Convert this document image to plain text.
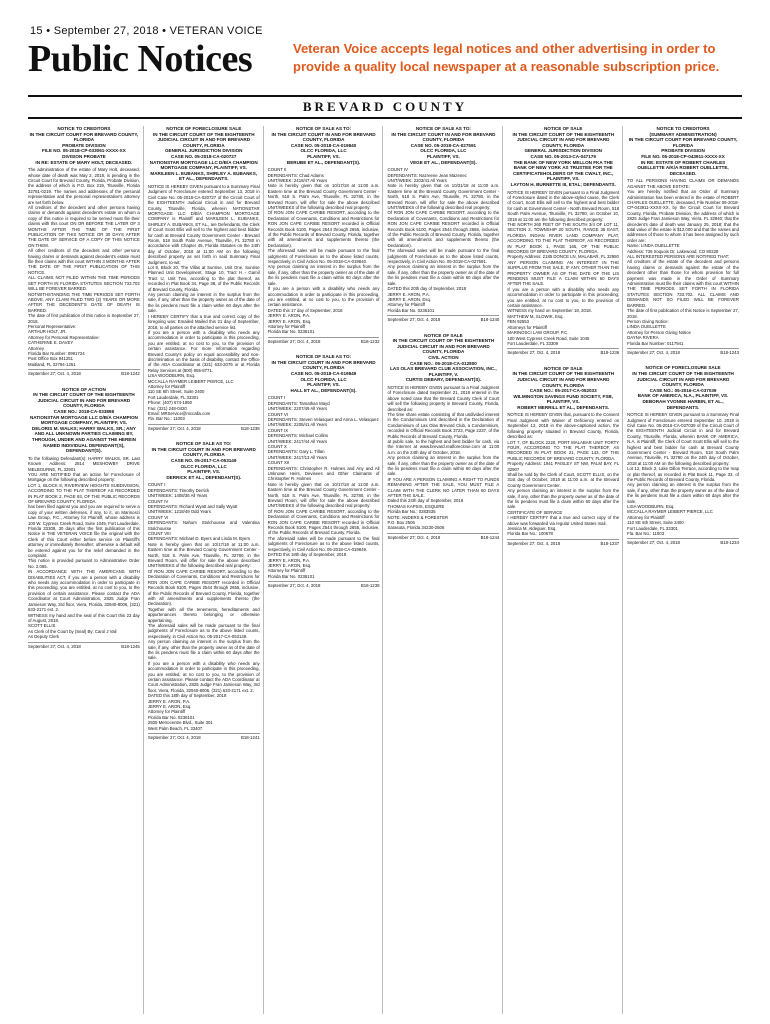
15 • September 27, 2018 • VETERAN VOICE
Public Notices	Veteran Voice accepts legal notices and other advertising in order to provide a quality local newspaper at a reasonable subscription price.
BREVARD COUNTY
NOTICE TO CREDITORS
IN THE CIRCUIT COURT FOR BREVARD COUNTY, FLORIDA
PROBATE DIVISION
FILE NO. 05-2018-CP-033061-XXXX-XX
DIVISION PROBATE
IN RE: ESTATE OF MARY HOLT, DECEASED.
The administration of the estate of Mary Holt, deceased, whose date of death was May 2, 2018, is pending in the Circuit Court for Brevard County, Florida, Probate Division, the address of which is P.O. Box 219, Titusville, Florida 32781-0219. The names and addresses of the personal representative and the personal representative's attorney are set forth below.
All creditors of the decedent and other persons having claims or demands against decedent's estate on whom a copy of this notice is required to be served must file their claims with this court ON OR BEFORE THE LATER OF 3 MONTHS AFTER THE TIME OF THE FIRST PUBLICATION OF THIS NOTICE OR 30 DAYS AFTER THE DATE OF SERVICE OF A COPY OF THIS NOTICE ON THEM.
All other creditors of the decedent and other persons having claims or demands against decedent's estate must file their claims with this court WITHIN 3 MONTHS AFTER THE DATE OF THE FIRST PUBLICATION OF THIS NOTICE.
ALL CLAIMS NOT FILED WITHIN THE TIME PERIODS SET FORTH IN FLORIDA STATUTES SECTION 733.702 WILL BE FOREVER BARRED.
NOTWITHSTANDING THE TIME PERIODS SET FORTH ABOVE, ANY CLAIM FILED TWO (2) YEARS OR MORE AFTER THE DECEDENT'S DATE OF DEATH IS BARRED.
The date of first publication of this notice is September 27, 2018.
Personal Representative:
ARTHUR HOLT, JR.
Attorney for Personal Representative:
CATHERINE E. DAVEY
Attorney
Florida Bar Number: 0991724
Post Office Box 941251
Maitland, FL 32794-1251
September 27; Oct. 4, 2018	B18-1242
NOTICE OF ACTION
IN THE CIRCUIT COURT OF THE EIGHTEENTH JUDICIAL CIRCUIT IN AND FOR BREVARD COUNTY, FLORIDA
CASE NO.: 2018-CA-033898
NATIONSTAR MORTGAGE LLC D/B/A CHAMPION MORTGAGE COMPANY, PLAINTIFF, VS.
DELORIS M. WALKS; HARRY WALKS, SR.; ANY AND ALL UNKNOWN PARTIES CLAIMING BY, THROUGH, UNDER AND AGAINST THE HEREIN NAMED INDIVIDUAL DEFENDANT(S), DEFENDANT(S).
To the following Defendant(s): HARRY WALKS, SR. Last Known Address: 2814 MESHOWBY DRIVE MELBOURNE, FL 32901
YOU ARE NOTIFIED that an action for Foreclosure of Mortgage on the following described property:
LOT 1, BLOCK 8, RIVERVIEW HEIGHTS SUBDIVISION, ACCORDING TO THE PLAT THEREOF AS RECORDED IN PLAT BOOK 2, PAGE 93, OF THE PUBLIC RECORDS OF BREVARD COUNTY, FLORIDA.
has been filed against you and you are required to serve a copy of your written defenses, if any, to it, on Marinosci Law Group, P.C., Attorney for Plaintiff, whose address is 100 W. Cypress Creek Road, Suite 1045, Fort Lauderdale, Florida 33309, 30 days after the first publication of this Notice in THE VETERAN VOICE file the original with the Clerk of this Court either before service on Plaintiff's attorney or immediately thereafter; otherwise a default will be entered against you for the relief demanded in the complaint.
This notice is provided pursuant to Administrative Order No. 2.065.
IN ACCORDANCE WITH THE AMERICANS WITH DISABILITIES ACT, if you are a person with a disability who needs any accommodation in order to participate in this proceeding, you are entitled, at no cost to you, to the provision of certain assistance. Please contact the ADA Coordinator at Court Administration, 2825 Judge Fran Jamieson Way, 3rd floor, Viera, Florida, 32940-8006, (321) 633-2171 ext. 2.
WITNESS my hand and the seal of this Court this 23 day of August, 2018.
SCOTT ELLIS
As Clerk of the Court by (Seal) By: Carol J Vail
As Deputy Clerk
September 27; Oct. 4, 2018	B18-1245
NOTICE OF FORECLOSURE SALE
IN THE CIRCUIT COURT OF THE EIGHTEENTH JUDICIAL CIRCUIT IN AND FOR BREVARD COUNTY, FLORIDA
GENERAL JURISDICTION DIVISION
CASE NO. 05-2018-CA-020727
NATIONSTAR MORTGAGE LLC D/B/A CHAMPION MORTGAGE COMPANY, PLAINTIFF, VS.
MARILEEN L. EUBANKS, SHIRLEY A. EUBANKS, ET AL., DEFENDANTS.
NOTICE IS HEREBY GIVEN pursuant to a Summary Final Judgment of Foreclosure entered September 13, 2018 in Civil Case No. 05-2018-CA-020727 of the Circuit Court of the EIGHTEENTH Judicial Circuit in and for Brevard County, Titusville, Florida, wherein NATIONSTAR MORTGAGE LLC D/B/A CHAMPION MORTGAGE COMPANY is Plaintiff and MARILEEN L. EUBANKS, SHIRLEY A. EUBANKS, ET AL., are Defendants, the Clerk of Court Scott Ellis will sell to the highest and best bidder for cash at Brevard County Government Center - Brevard Room, 518 South Palm Avenue, Titusville, FL 32780 in accordance with Chapter 45, Florida Statutes on the 24th day of October, 2018 at 11:00 AM on the following described property as set forth in said Summary Final Judgment, to-wit:
Lot 8, Block 20, The Villas at Sunrise, Unit One, Sunrise Planned Unit Development, Stage 10, Tract H - Gamil Tract U, Unit Two, according to the plat thereof, as recorded in Plat Book 34, Page 38, of the Public Records of Brevard County, Florida.
Any person claiming an interest in the surplus from the sale, if any, other than the property owner as of the date of the lis pendens must file a claim within 60 days after the sale.
I HEREBY CERTIFY that a true and correct copy of the foregoing was: Emailed Mailed this 21 day of September, 2018, to all parties on the attached service list.
If you are a person with a disability who needs any accommodation in order to participate in this proceeding, you are entitled, at no cost to you, to the provision of certain assistance. For more information regarding Brevard County's policy on equal accessibility and non-discrimination on the basis of disability, contact the Office of the ADA Coordinator at (321) 633-2076 or at Florida Relay Services at (800) 955-8771.
LISA WOODBURN, Esq.
MCCALLA RAYMER LEIBERT PIERCE, LLC
Attorney for Plaintiff
110 SE 6th Street, Suite 2400
Fort Lauderdale, FL 33301
Phone: (407) 674-1850
Fax: (321) 248-0420
Email: MRService@mccalla.com
Fla. Bar No.: 11003
September 27; Oct. 4, 2018	B18-1238
NOTICE OF SALE AS TO:
IN THE CIRCUIT COURT IN AND FOR BREVARD COUNTY, FLORIDA
CASE NO. 05-2017-CA-053149
OLCC FLORIDA, LLC
PLAINTIFF, VS.
DERRICK ET AL., DEFENDANT(S).
COUNT I
DEFENDANTS: Timothy Derrick
UNIT/WEEK: 1408/36 All Years
COUNT IV
DEFENDANTS: Richard Wyatt and Sally Wyatt
UNIT/WEEK: 1218/49 Odd Years
COUNT VI
DEFENDANTS: Nahum Stolchousse and Valentina Stolchousse
COUNT VIII
DEFENDANTS: Michael D. Byers and Linda M. Byers
Note is hereby given that on 10/17/18 at 11:00 a.m. Eastern time at the Brevard County Government Center - North, 518 S. Palm Ave, Titusville, FL 32780, in the Brevard Room, will offer for sale the above described UNIT/WEEKS of the following described real property:
Of RON JON CAPE CARIBE RESORT, according to the Declaration of Covenants, Conditions and Restrictions for RON JON CAPE CARIBE RESORT recorded in Official Records Book 5100, Pages 2544 through 2655, inclusive, of the Public Records of Brevard County, Florida, together with all amendments and supplements thereto (the Declaration).
Together with all the tenements, hereditaments and appurtenances thereto belonging or otherwise appertaining.
The aforesaid sales will be made pursuant to the final judgments of Foreclosure as to the above listed counts, respectively, in Civil Action No. 05-2017-CA-053149.
Any person claiming an interest in the surplus from the sale, if any, other than the property owner as of the date of the lis pendens must file a claim within 60 days after the sale.
If you are a person with a disability who needs any accommodation in order to participate in this proceeding, you are entitled, at no cost to you, to the provision of certain assistance. Please contact the ADA Coordinator at Court Administration, 2825 Judge Fran Jamieson Way, 3rd floor, Viera, Florida, 32940-8006, (321) 633-2171 ext. 2.
DATED this 18th day of September, 2018
JERRY E. ARON, P.A.
JERRY E. ARON, Esq.
Attorney for Plaintiff
Florida Bar No. 0236101
2505 Metrocentre Blvd., Suite 301
West Palm Beach, FL 33407
September 27; Oct. 4, 2018	B18-1241
NOTICE OF SALE AS TO:
IN THE CIRCUIT COURT IN AND FOR BREVARD COUNTY, FLORIDA
CASE NO. 05-2018-CA-019840
OLCC FLORIDA, LLC
PLAINTIFF, VS.
BERUBE ET AL., DEFENDANT(S).
COUNT II
DEFENDANTS: Chad Adams
UNIT/WEEK: 2418/47 All Years
Note is hereby given that on 10/17/18 at 11:00 a.m. Eastern time at the Brevard County Government Center - North, 518 S. Palm Ave, Titusville, FL 32780, in the Brevard Room, will offer for sale the above described UNIT/WEEKS of the following described real property:
Of RON JON CAPE CARIBE RESORT, according to the Declaration of Covenants, Conditions and Restrictions for RON JON CAPE CARIBE RESORT recorded in Official Records Book 5100, Pages 2544 through 2655, inclusive, of the Public Records of Brevard County, Florida, together with all amendments and supplements thereto (the Declaration).
The aforesaid sales will be made pursuant to the final judgments of Foreclosure as to the above listed counts, respectively, in Civil Action No. 05-2018-CA-019840.
Any person claiming an interest in the surplus from the sale, if any, other than the property owner as of the date of the lis pendens must file a claim within 60 days after the sale.
If you are a person with a disability who needs any accommodation in order to participate in this proceeding, you are entitled, at no cost to you, to the provision of certain assistance.
DATED this 17 day of September, 2018
JERRY E. ARON, P.A.
JERRY E. ARON, Esq.
Attorney for Plaintiff
Florida Bar No. 0236101
September 27; Oct. 4, 2018	B18-1232
NOTICE OF SALE AS TO:
IN THE CIRCUIT COURT IN AND FOR BREVARD COUNTY, FLORIDA
CASE NO. 05-2018-CA-019849
OLCC FLORIDA, LLC
PLAINTIFF, VS.
HALL ET AL., DEFENDANT(S).
COUNT I
DEFENDANTS: Tamathan Mayd
UNIT/WEEK: 2207/49 All Years
COUNT VI
DEFENDANTS: Steven Velasquez and Anna L. Velasquez
UNIT/WEEK: 2205/41 All Years
COUNT IX
DEFENDANTS: Michael Collins
UNIT/WEEK: 2417/44 All Years
COUNT X
DEFENDANTS: Gary L. Tillan
UNIT/WEEK: 2417/13 All Years
COUNT XII
DEFENDANTS: Christopher R. Holmes and Any and All Unknown Heirs, Devisees and Other Claimants of Christopher R. Holmes
Note is hereby given that on 10/17/18 at 11:00 a.m. Eastern time at the Brevard County Government Center - North, 518 S. Palm Ave, Titusville, FL 32780, in the Brevard Room, will offer for sale the above described UNIT/WEEKS of the following described real property:
Of RON JON CAPE CARIBE RESORT, according to the Declaration of Covenants, Conditions and Restrictions for RON JON CAPE CARIBE RESORT recorded in Official Records Book 5100, Pages 2544 through 2655, inclusive, of the Public Records of Brevard County, Florida.
The aforesaid sales will be made pursuant to the final judgments of Foreclosure as to the above listed counts, respectively, in Civil Action No. 05-2018-CA-019849.
DATED this 18th day of September, 2018
JERRY E. ARON, P.A.
JERRY E. ARON, Esq.
Attorney for Plaintiff
Florida Bar No. 0236101
September 27; Oct. 4, 2018	B18-1239
NOTICE OF SALE AS TO:
IN THE CIRCUIT COURT IN AND FOR BREVARD COUNTY, FLORIDA
CASE NO. 05-2018-CA-027591
OLCC FLORIDA, LLC
PLAINTIFF, VS.
VEGE ET AL., DEFENDANT(S).
COUNT IV
DEFENDANTS: Nazreene Jean Mazenec
UNIT/WEEK: 2203/41 All Years
Note is hereby given that on 10/31/18 at 11:00 a.m. Eastern time at the Brevard County Government Center - North, 518 S. Palm Ave, Titusville, FL 32780, in the Brevard Room, will offer for sale the above described UNIT/WEEKS of the following described real property:
Of RON JON CAPE CARIBE RESORT, according to the Declaration of Covenants, Conditions and Restrictions for RON JON CAPE CARIBE RESORT recorded in Official Records Book 5100, Pages 2544 through 2655, inclusive, of the Public Records of Brevard County, Florida, together with all amendments and supplements thereto (the Declaration).
The aforesaid sales will be made pursuant to the final judgments of Foreclosure as to the above listed counts, respectively, in Civil Action No. 05-2018-CA-027591.
Any person claiming an interest in the surplus from the sale, if any, other than the property owner as of the date of the lis pendens must file a claim within 60 days after the sale.
DATED this 20th day of September, 2018
JERRY E. ARON, P.A.
JERRY E. ARON, Esq.
Attorney for Plaintiff
Florida Bar No. 0236101
September 27; Oct. 4, 2018	B18-1240
NOTICE OF SALE
IN THE CIRCUIT COURT OF THE EIGHTEENTH JUDICIAL CIRCUIT IN AND FOR BREVARD COUNTY, FLORIDA
CIVIL ACTION
CASE NO.: 05-2018-CA-012800
LAS OLAS BREVARD CLUB ASSOCIATION, INC., PLAINTIFF, V.
CURTIS DEBARY, DEFENDANT(S).
NOTICE IS HEREBY GIVEN pursuant to a Final Judgment of Foreclosure dated September 21, 2018 entered in the above noted case that the Brevard County Clerk of Court will sell the following property in Brevard County, Florida, described as:
The time share estate consisting of that undivided interest in the Condominium Unit described in the Declaration of Condominium of Las Olas Brevard Club, a Condominium, recorded in Official Records Book 3723, Page 2237, of the Public Records of Brevard County, Florida.
at public sale, to the highest and best bidder for cash, via the Internet at www.brevard.realforeclose.com at 11:00 a.m. on the 24th day of October, 2018.
Any person claiming an interest in the surplus from the sale, if any, other than the property owner as of the date of the lis pendens must file a claim within 60 days after the sale.
IF YOU ARE A PERSON CLAIMING A RIGHT TO FUNDS REMAINING AFTER THE SALE, YOU MUST FILE A CLAIM WITH THE CLERK NO LATER THAN 60 DAYS AFTER THE SALE.
Dated this 24th day of September, 2018
THOMAS KAPSIS, ESQUIRE
Florida Bar No.: 0283535
NOTE: ANDERS & FORESTER
P.O. Box 2506
Sarasota, Florida 34230-2506
September 27; Oct. 4, 2018	B18-1244
NOTICE OF SALE
IN THE CIRCUIT COURT OF THE EIGHTEENTH JUDICIAL CIRCUIT IN AND FOR BREVARD COUNTY, FLORIDA
GENERAL JURISDICTION DIVISION
CASE NO. 05-2013-CA-047179
THE BANK OF NEW YORK MELLON FKA THE BANK OF NEW YORK AS TRUSTEE FOR THE CERTIFICATEHOLDERS OF THE CWALT, INC., PLAINTIFF, VS.
LAYTON H. BURNETTE III, ETAL; DEFENDANTS.
NOTICE IS HEREBY GIVEN pursuant to a Final Judgment of Foreclosure dated in the above-styled cause, the Clerk of Court, Scott Ellis will sell to the highest and best bidder for cash at Government Center - North Brevard Room, 518 South Palm Avenue, Titusville, FL 32780, on October 10, 2018 at 11:00 am the following described property:
THE NORTH 260 FEET OF THE SOUTH 3/4 OF LOT 11, SECTION 2, TOWNSHIP 20 SOUTH, RANGE 35 EAST, FLORIDA INDIAN RIVER LAND COMPANY PLAT, ACCORDING TO THE PLAT THEREOF, AS RECORDED IN PLAT BOOK 1, PAGE 165, OF THE PUBLIC RECORDS OF BREVARD COUNTY, FLORIDA.
Property Address: 2185 DONCE LN, MALABAR, FL 32950
ANY PERSON CLAIMING AN INTEREST IN THE SURPLUS FROM THE SALE, IF ANY, OTHER THAN THE PROPERTY OWNER AS OF THE DATE OF THE LIS PENDENS MUST FILE A CLAIM WITHIN 60 DAYS AFTER THE SALE.
If you are a person with a disability who needs any accommodation in order to participate in this proceeding, you are entitled, at no cost to you, to the provision of certain assistance.
WITNESS my hand on September 18, 2018.
MATTHEW M. SLOWIK, Esq.
FBN 92553
Attorneys for Plaintiff
MARINOSCI LAW GROUP, P.C.
100 West Cypress Creek Road, Suite 1045
Fort Lauderdale, FL 33309
September 27; Oct. 4, 2018	B18-1236
NOTICE OF SALE
IN THE CIRCUIT COURT OF THE EIGHTEENTH JUDICIAL CIRCUIT IN AND FOR BREVARD COUNTY, FLORIDA
CASE NO.: 05-2017-CA-052033
WILMINGTON SAVINGS FUND SOCIETY, FSB, PLAINTIFF, VS.
ROBERT MERRILL ET AL., DEFENDANTS.
NOTICE IS HEREBY GIVEN that, pursuant to the Consent Final Judgment with Waiver of Deficiency entered on September 12, 2018 in the above-captioned action, the following property situated in Brevard County, Florida, described as:
LOT 7, OF BLOCK 2220, PORT MALABAR UNIT FORTY FOUR, ACCORDING TO THE PLAT THEREOF, AS RECORDED IN PLAT BOOK 21, PAGE 143, OF THE PUBLIC RECORDS OF BREVARD COUNTY, FLORIDA.
Property Address: 1941 PAISLEY ST NW, PALM BAY, FL 32907
Shall be sold by the Clerk of Court, SCOTT ELLIS, on the 31st day of October, 2018 at 11:00 a.m. at the Brevard County Government Center.
Any person claiming an interest in the surplus from the sale, if any, other than the property owner as of the date of the lis pendens must file a claim within 60 days after the sale.
CERTIFICATE OF SERVICE
I HEREBY CERTIFY that a true and correct copy of the above was forwarded via regular United States mail.
Jessica M. Aldeguer, Esq.
Florida Bar No.: 100678
September 27; Oct. 4, 2018	B18-1237
NOTICE TO CREDITORS
(SUMMARY ADMINISTRATION)
IN THE CIRCUIT COURT FOR BREVARD COUNTY, FLORIDA
PROBATE DIVISION
FILE NO. 05-2018-CP-043911-XXXX-XX
IN RE: ESTATE OF ROBERT CHARLES OUELLETTE A/K/A ROBERT OUELLETTE, DECEASED.
TO ALL PERSONS HAVING CLAIMS OR DEMANDS AGAINST THE ABOVE ESTATE:
You are hereby notified that an Order of Summary Administration has been entered in the estate of ROBERT CHARLES OUELLETTE, deceased, File Number 05-2018-CP-043911-XXXX-XX, by the Circuit Court for Brevard County, Florida, Probate Division, the address of which is 2825 Judge Fran Jamieson Way, Viera, FL 32940; that the decedent's date of death was January 25, 2018; that the total value of the estate is $12,000 and that the names and addresses of those to whom it has been assigned by such order are:
Name: LINDA OUELLETTE
Address: 736 Iroquois Dr, Lakewood, CO 80228
ALL INTERESTED PERSONS ARE NOTIFIED THAT:
All creditors of the estate of the decedent and persons having claims or demands against the estate of the decedent other than those for whom provision for full payment was made in the Order of Summary Administration must file their claims with this court WITHIN THE TIME PERIODS SET FORTH IN FLORIDA STATUTES SECTION 733.702. ALL CLAIMS AND DEMANDS NOT SO FILED WILL BE FOREVER BARRED.
The date of first publication of this Notice is September 27, 2018.
Person Giving Notice:
LINDA OUELLETTE
Attorney for Person Giving Notice
DAYNA RIVERA
Florida Bar Number: 0117941
September 27; Oct. 4, 2018	B18-1243
NOTICE OF FORECLOSURE SALE
IN THE CIRCUIT COURT OF THE EIGHTEENTH JUDICIAL CIRCUIT IN AND FOR BREVARD COUNTY, FLORIDA
CASE NO.: 05-2016-CA-037039
BANK OF AMERICA, N.A., PLAINTIFF, VS.
DEBORAH YVONNE HARBIN, ET AL., DEFENDANTS.
NOTICE IS HEREBY GIVEN pursuant to a Summary Final Judgment of Foreclosure entered September 10, 2018 in Civil Case No. 05-2016-CA-037039 of the Circuit Court of the EIGHTEENTH Judicial Circuit in and for Brevard County, Titusville, Florida, wherein BANK OF AMERICA, N.A. is Plaintiff, the Clerk of Court Scott Ellis will sell to the highest and best bidder for cash at Brevard County Government Center - Brevard Room, 518 South Palm Avenue, Titusville, FL 32780 on the 24th day of October, 2018 at 11:00 AM on the following described property:
Lot 12, Block 3, Lake Dillon Terrace, according to the map or plat thereof, as recorded in Plat Book 11, Page 33, of the Public Records of Brevard County, Florida.
Any person claiming an interest in the surplus from the sale, if any, other than the property owner as of the date of the lis pendens must file a claim within 60 days after the sale.
LISA WOODBURN, Esq.
MCCALLA RAYMER LEIBERT PIERCE, LLC
Attorney for Plaintiff
110 SE 6th Street, Suite 2400
Fort Lauderdale, FL 33301
Fla. Bar No.: 11003
September 27; Oct. 4, 2018	B18-1234
